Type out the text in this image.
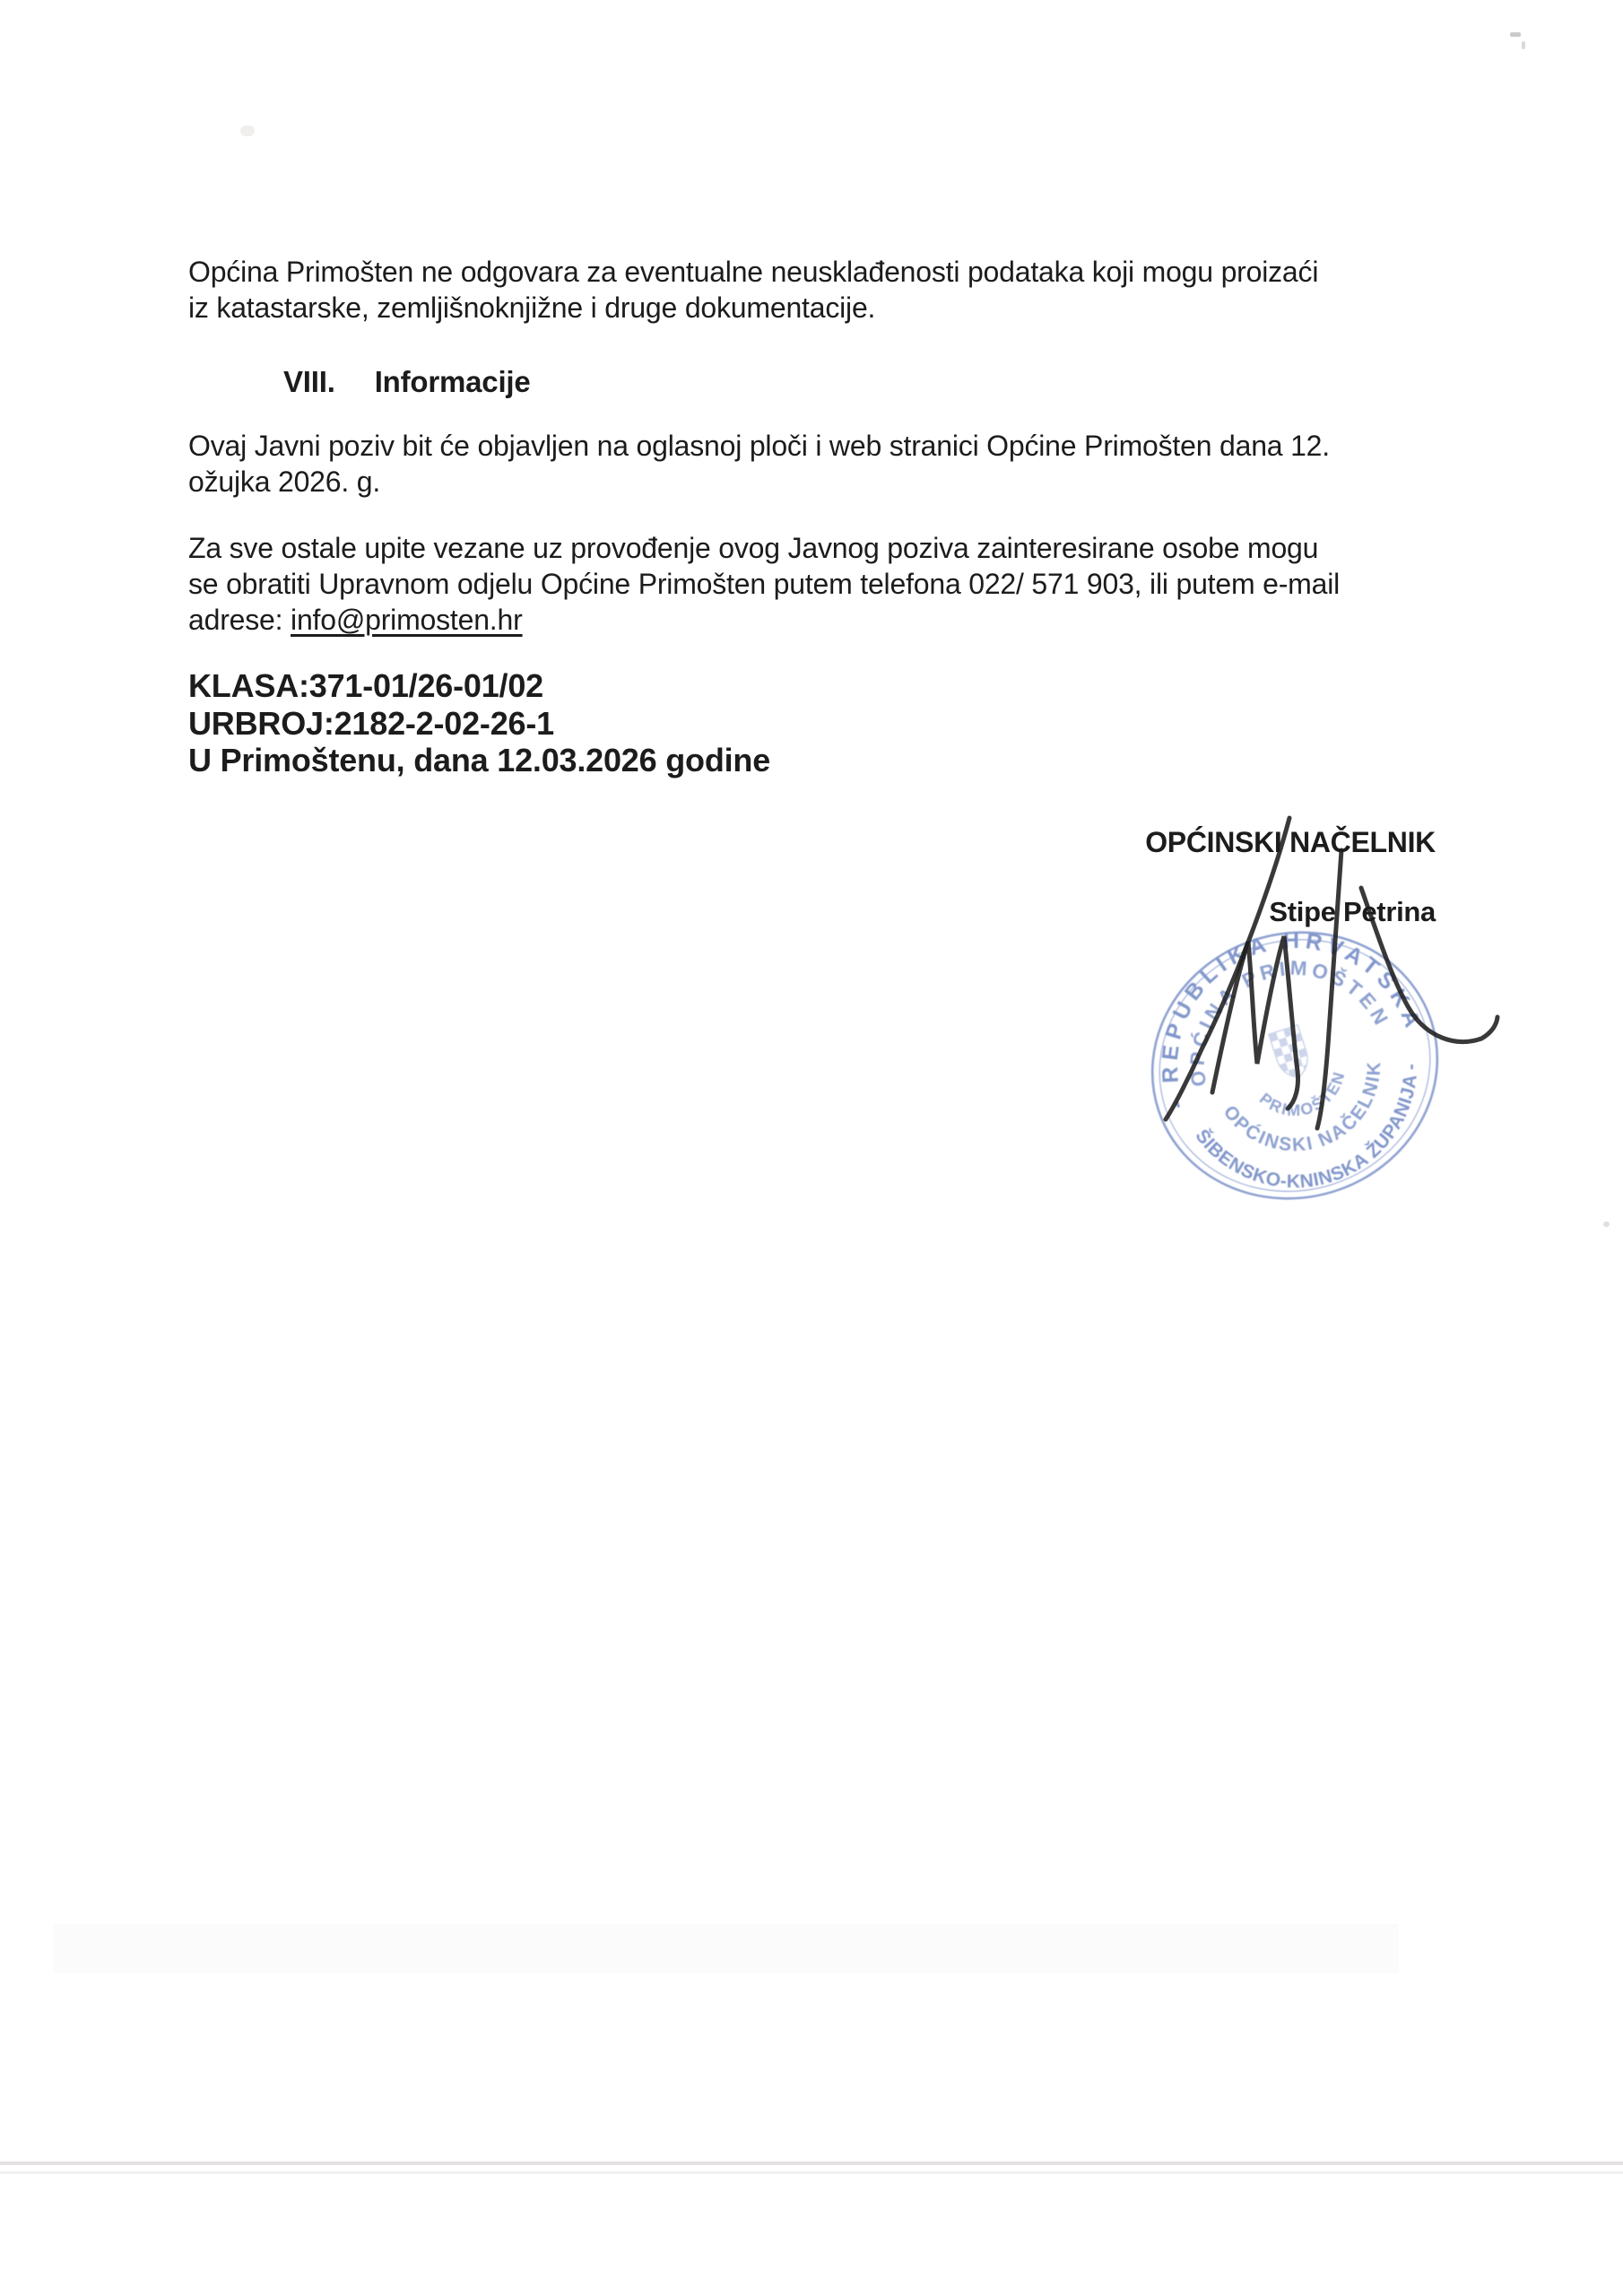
Općina Primošten ne odgovara za eventualne neusklađenosti podataka koji mogu proizaći
iz katastarske, zemljišnoknjižne i druge dokumentacije.
VIII. Informacije
Ovaj Javni poziv bit će objavljen na oglasnoj ploči i web stranici Općine Primošten dana 12.
ožujka 2026. g.
Za sve ostale upite vezane uz provođenje ovog Javnog poziva zainteresirane osobe mogu
se obratiti Upravnom odjelu Općine Primošten putem telefona 022/ 571 903, ili putem e-mail
adrese: info@primosten.hr
KLASA:371-01/26-01/02
URBROJ:2182-2-02-26-1
U Primoštenu, dana 12.03.2026 godine
OPĆINSKI NAČELNIK
Stipe Petrina
- REPUBLIKA HRVATSKA
OPĆINA PRIMOŠTEN
ŠIBENSKO-KNINSKA ŽUPANIJA -
OPĆINSKI NAČELNIK
PRIMOŠTEN
